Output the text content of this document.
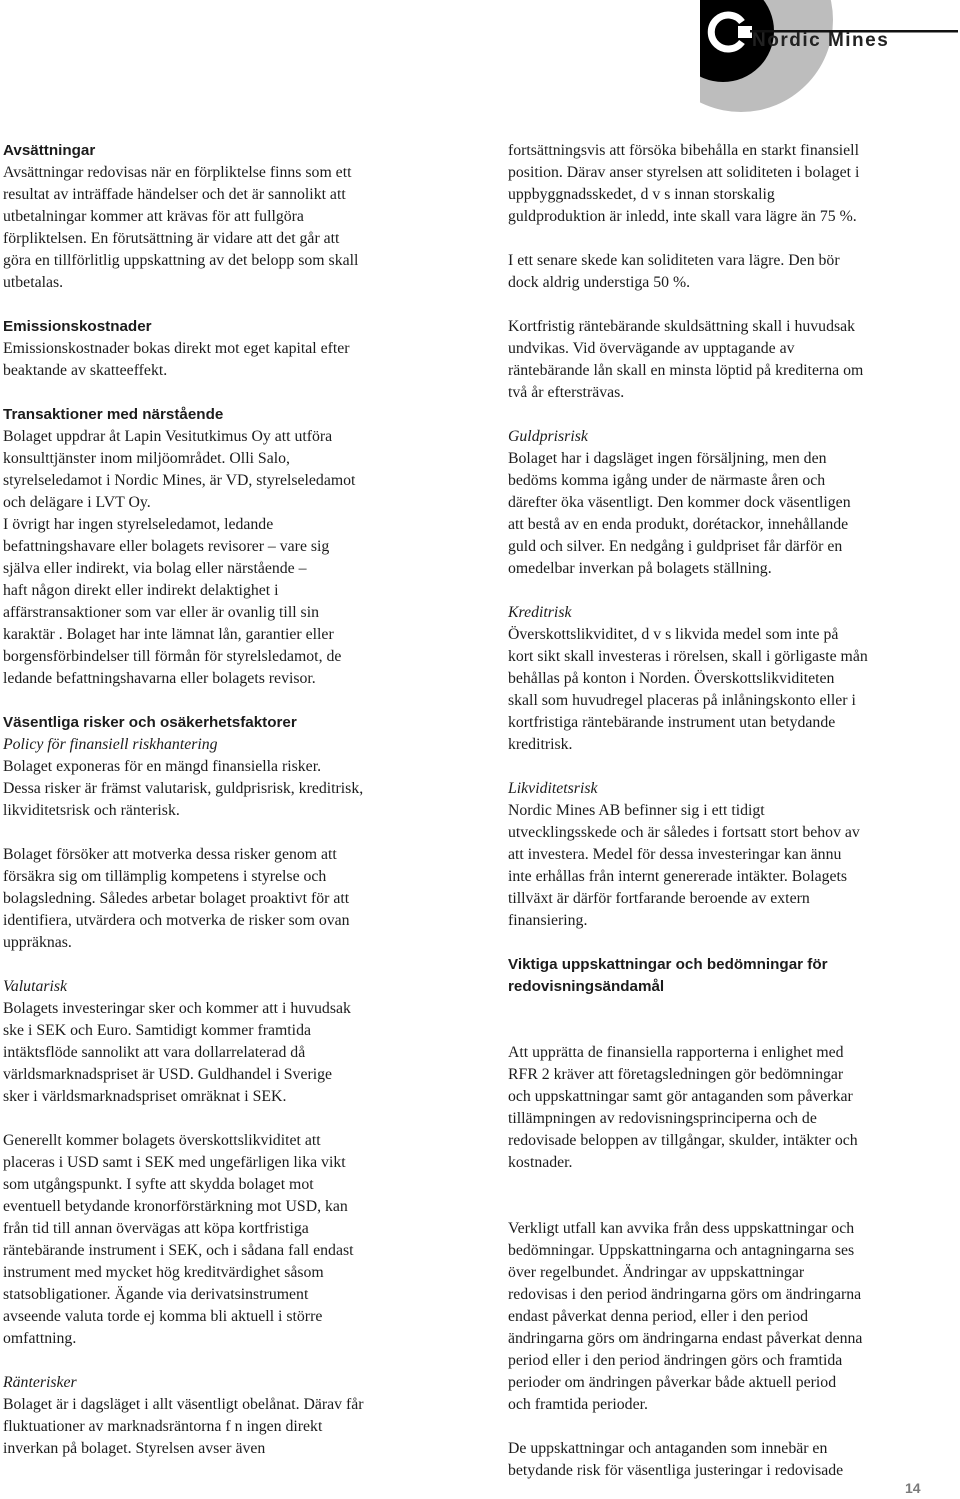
Nordic Mines
Avsättningar
Avsättningar redovisas när en förpliktelse finns som ett
resultat av inträffade händelser och det är sannolikt att
utbetalningar kommer att krävas för att fullgöra
förpliktelsen. En förutsättning är vidare att det går att
göra en tillförlitlig uppskattning av det belopp som skall
utbetalas.
Emissionskostnader
Emissionskostnader bokas direkt mot eget kapital efter
beaktande av skatteeffekt.
Transaktioner med närstående
Bolaget uppdrar åt Lapin Vesitutkimus Oy att utföra
konsulttjänster inom miljöområdet. Olli Salo,
styrelseledamot i Nordic Mines, är VD, styrelseledamot
och delägare i LVT Oy.
I övrigt har ingen styrelseledamot, ledande
befattningshavare eller bolagets revisorer – vare sig
själva eller indirekt, via bolag eller närstående –
haft någon direkt eller indirekt delaktighet i
affärstransaktioner som var eller är ovanlig till sin
karaktär . Bolaget har inte lämnat lån, garantier eller
borgensförbindelser till förmån för styrelsledamot, de
ledande befattningshavarna eller bolagets revisor.
Väsentliga risker och osäkerhetsfaktorer
Policy för finansiell riskhantering
Bolaget exponeras för en mängd finansiella risker.
Dessa risker är främst valutarisk, guldprisrisk, kreditrisk,
likviditetsrisk och ränterisk.
Bolaget försöker att motverka dessa risker genom att
försäkra sig om tillämplig kompetens i styrelse och
bolagsledning. Således arbetar bolaget proaktivt för att
identifiera, utvärdera och motverka de risker som ovan
uppräknas.
Valutarisk
Bolagets investeringar sker och kommer att i huvudsak
ske i SEK och Euro. Samtidigt kommer framtida
intäktsflöde sannolikt att vara dollarrelaterad då
världsmarknadspriset är USD. Guldhandel i Sverige
sker i världsmarknadspriset omräknat i SEK.
Generellt kommer bolagets överskottslikviditet att
placeras i USD samt i SEK med ungefärligen lika vikt
som utgångspunkt. I syfte att skydda bolaget mot
eventuell betydande kronorförstärkning mot USD, kan
från tid till annan övervägas att köpa kortfristiga
räntebärande instrument i SEK, och i sådana fall endast
instrument med mycket hög kreditvärdighet såsom
statsobligationer. Ägande via derivatsinstrument
avseende valuta torde ej komma bli aktuell i större
omfattning.
Ränterisker
Bolaget är i dagsläget i allt väsentligt obelånat. Därav får
fluktuationer av marknadsräntorna f n ingen direkt
inverkan på bolaget. Styrelsen avser även
fortsättningsvis att försöka bibehålla en starkt finansiell
position. Därav anser styrelsen att soliditeten i bolaget i
uppbyggnadsskedet, d v s innan storskalig
guldproduktion är inledd, inte skall vara lägre än 75 %.
I ett senare skede kan soliditeten vara lägre. Den bör
dock aldrig understiga 50 %.
Kortfristig räntebärande skuldsättning skall i huvudsak
undvikas. Vid övervägande av upptagande av
räntebärande lån skall en minsta löptid på krediterna om
två år eftersträvas.
Guldprisrisk
Bolaget har i dagsläget ingen försäljning, men den
bedöms komma igång under de närmaste åren och
därefter öka väsentligt. Den kommer dock väsentligen
att bestå av en enda produkt, dorétackor, innehållande
guld och silver. En nedgång i guldpriset får därför en
omedelbar inverkan på bolagets ställning.
Kreditrisk
Överskottslikviditet, d v s likvida medel som inte på
kort sikt skall investeras i rörelsen, skall i görligaste mån
behållas på konton i Norden. Överskottslikviditeten
skall som huvudregel placeras på inlåningskonto eller i
kortfristiga räntebärande instrument utan betydande
kreditrisk.
Likviditetsrisk
Nordic Mines AB befinner sig i ett tidigt
utvecklingsskede och är således i fortsatt stort behov av
att investera. Medel för dessa investeringar kan ännu
inte erhållas från internt genererade intäkter. Bolagets
tillväxt är därför fortfarande beroende av extern
finansiering.
Viktiga uppskattningar och bedömningar för
redovisningsändamål
Att upprätta de finansiella rapporterna i enlighet med
RFR 2 kräver att företagsledningen gör bedömningar
och uppskattningar samt gör antaganden som påverkar
tillämpningen av redovisningsprinciperna och de
redovisade beloppen av tillgångar, skulder, intäkter och
kostnader.
Verkligt utfall kan avvika från dess uppskattningar och
bedömningar. Uppskattningarna och antagningarna ses
över regelbundet. Ändringar av uppskattningar
redovisas i den period ändringarna görs om ändringarna
endast påverkat denna period, eller i den period
ändringarna görs om ändringarna endast påverkat denna
period eller i den period ändringen görs och framtida
perioder om ändringen påverkar både aktuell period
och framtida perioder.
De uppskattningar och antaganden som innebär en
betydande risk för väsentliga justeringar i redovisade
14
